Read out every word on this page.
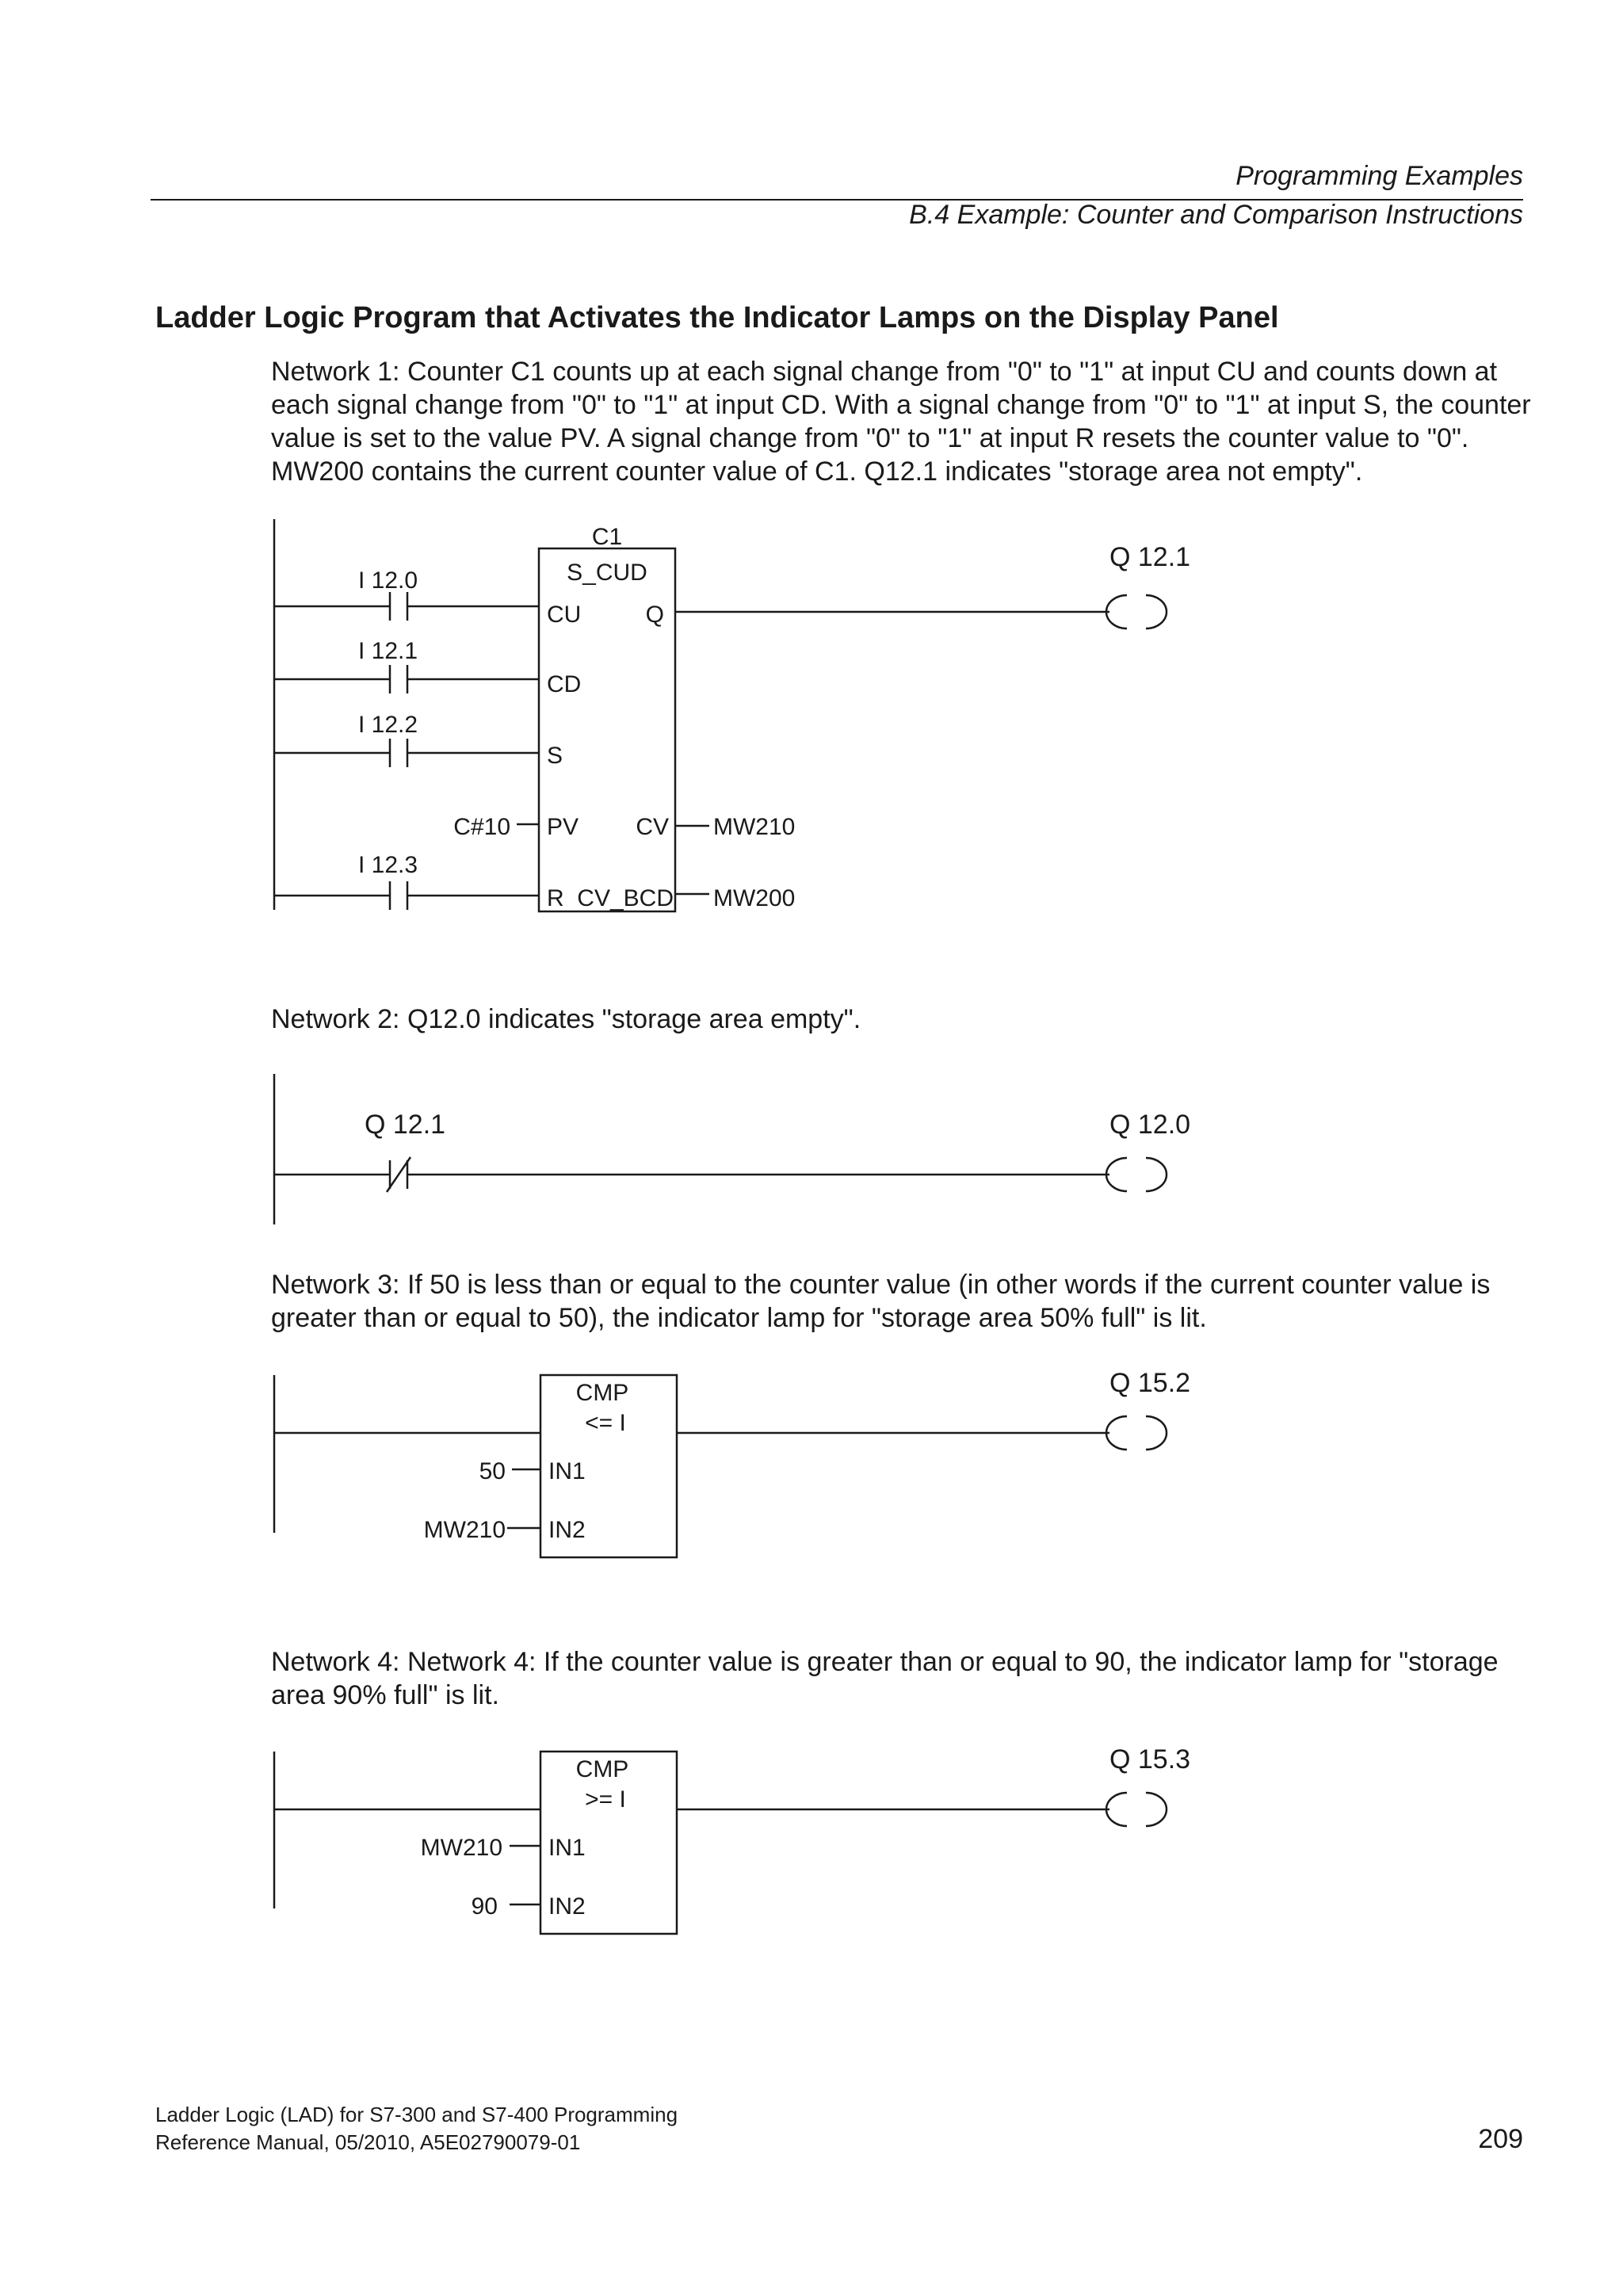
Programming Examples
B.4 Example: Counter and Comparison Instructions
Ladder Logic Program that Activates the Indicator Lamps on the Display Panel
Network 1: Counter C1 counts up at each signal change from "0" to "1" at input CU and counts down at each signal change from "0" to "1" at input CD. With a signal change from "0" to "1" at input S, the counter value is set to the value PV. A signal change from "0" to "1" at input R resets the counter value to "0". MW200 contains the current counter value of C1. Q12.1 indicates "storage area not empty".
C1
S_CUD
I 12.0
I 12.1
I 12.2
I 12.3
CU
CD
S
PV
R
Q
CV
CV_BCD
C#10	MW210
MW200
Q 12.1
Network 2: Q12.0 indicates "storage area empty".
Q 12.1	Q 12.0
Network 3: If 50 is less than or equal to the counter value (in other words if the current counter value is greater than or equal to 50), the indicator lamp for "storage area 50% full" is lit.
CMP
<= I
IN1
IN2
50
MW210
Q 15.2
Network 4: Network 4: If the counter value is greater than or equal to 90, the indicator lamp for "storage area 90% full" is lit.
CMP
>= I
IN1
IN2
MW210
90
Q 15.3
Ladder Logic (LAD) for S7-300 and S7-400 Programming
Reference Manual, 05/2010, A5E02790079-01	209
